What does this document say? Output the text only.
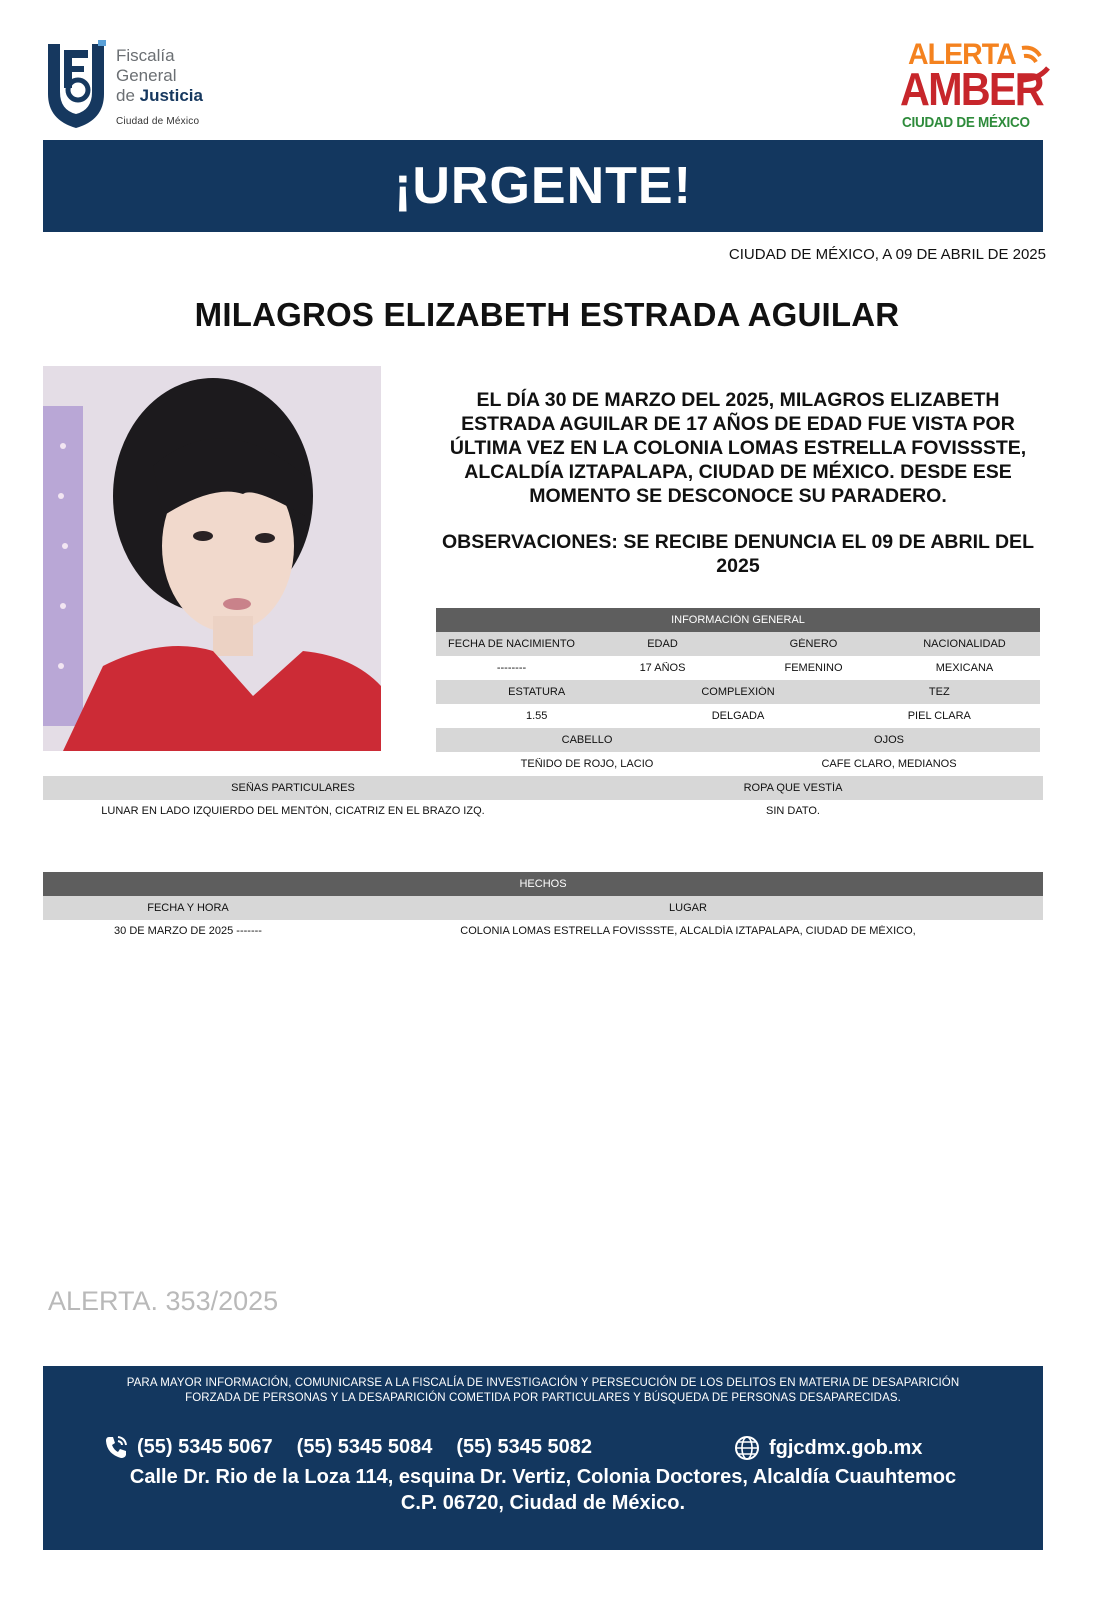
Fiscalía
General
de Justicia
Ciudad de México
ALERTA
AMBER
CIUDAD DE MÉXICO
¡URGENTE!
CIUDAD DE MÉXICO, A 09 DE ABRIL DE 2025
MILAGROS ELIZABETH ESTRADA AGUILAR
EL DÍA 30 DE MARZO DEL 2025, MILAGROS ELIZABETH ESTRADA AGUILAR DE 17 AÑOS DE EDAD FUE VISTA POR ÚLTIMA VEZ EN LA COLONIA LOMAS ESTRELLA FOVISSSTE, ALCALDÍA IZTAPALAPA, CIUDAD DE MÉXICO. DESDE ESE MOMENTO SE DESCONOCE SU PARADERO.
OBSERVACIONES: SE RECIBE DENUNCIA EL 09 DE ABRIL DEL 2025
INFORMACIÓN GENERAL
FECHA DE NACIMIENTO	EDAD	GÉNERO	NACIONALIDAD
--------	17 AÑOS	FEMENINO	MEXICANA
ESTATURA	COMPLEXIÓN	TEZ
1.55	DELGADA	PIEL CLARA
CABELLO	OJOS
TEÑIDO DE ROJO, LACIO	CAFE CLARO, MEDIANOS
SEÑAS PARTICULARES	ROPA QUE VESTÍA
LUNAR EN LADO IZQUIERDO DEL MENTÓN, CICATRIZ EN EL BRAZO IZQ.	SIN DATO.
HECHOS
FECHA Y HORA	LUGAR
30 DE MARZO DE 2025 -------	COLONIA LOMAS ESTRELLA FOVISSSTE, ALCALDÍA IZTAPALAPA, CIUDAD DE MÉXICO,
ALERTA. 353/2025
PARA MAYOR INFORMACIÓN, COMUNICARSE A LA FISCALÍA DE INVESTIGACIÓN Y PERSECUCIÓN DE LOS DELITOS EN MATERIA DE DESAPARICIÓN
FORZADA DE PERSONAS Y LA DESAPARICIÓN COMETIDA POR PARTICULARES Y BÚSQUEDA DE PERSONAS DESAPARECIDAS.
(55) 5345 5067 (55) 5345 5084 (55) 5345 5082	fgjcdmx.gob.mx
Calle Dr. Rio de la Loza 114, esquina Dr. Vertiz, Colonia Doctores, Alcaldía Cuauhtemoc
C.P. 06720, Ciudad de México.
